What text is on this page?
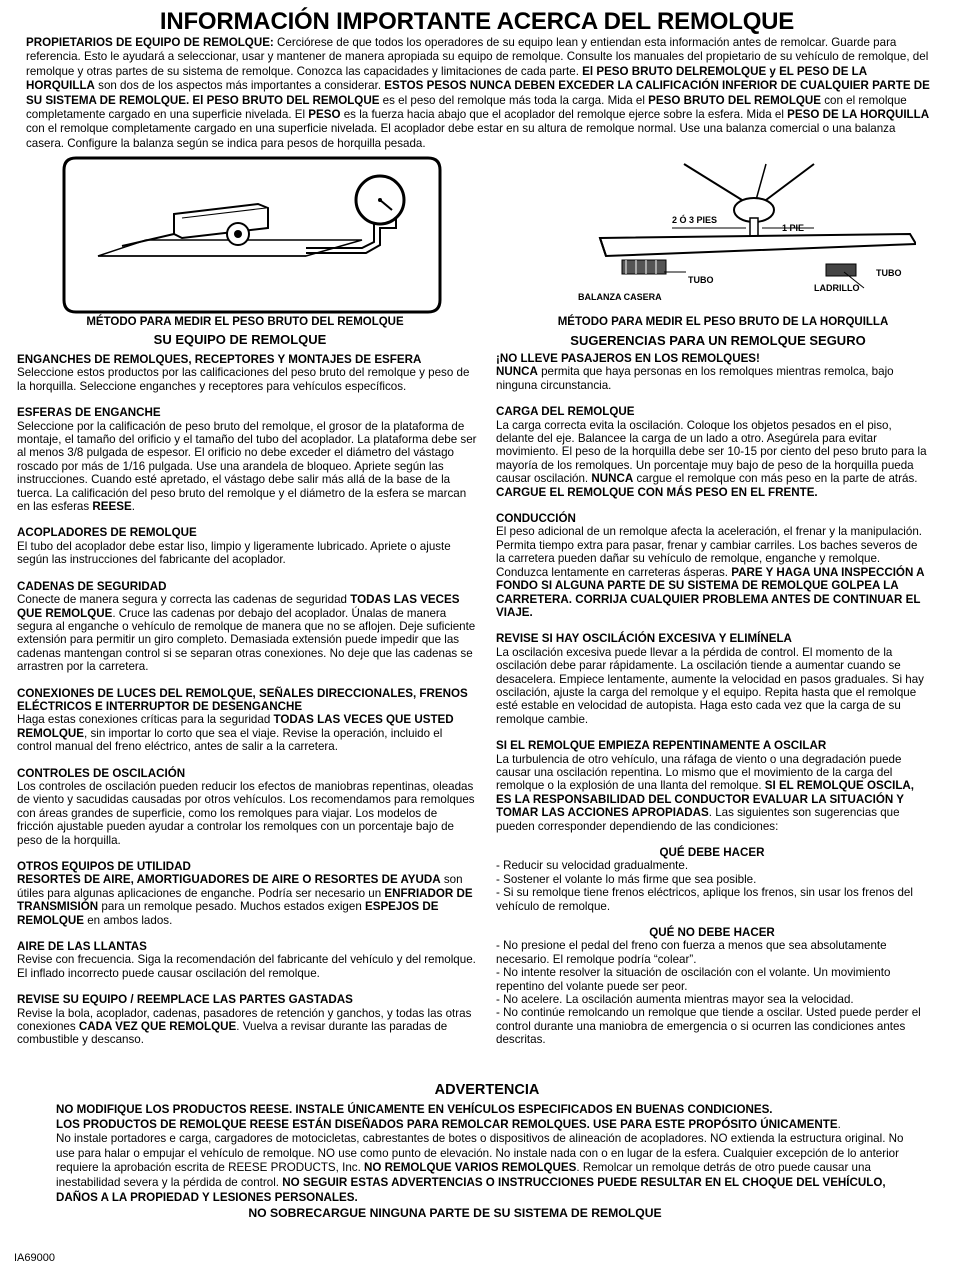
INFORMACIÓN IMPORTANTE ACERCA DEL REMOLQUE
PROPIETARIOS DE EQUIPO DE REMOLQUE: Cerciórese de que todos los operadores de su equipo lean y entiendan esta información antes de remolcar. Guarde para referencia. Esto le ayudará a seleccionar, usar y mantener de manera apropiada su equipo de remolque. Consulte los manuales del propietario de su vehículo de remolque, del remolque y otras partes de su sistema de remolque. Conozca las capacidades y limitaciones de cada parte. El PESO BRUTO DELREMOLQUE y EL PESO DE LA HORQUILLA son dos de los aspectos más importantes a considerar. ESTOS PESOS NUNCA DEBEN EXCEDER LA CALIFICACIÓN INFERIOR DE CUALQUIER PARTE DE SU SISTEMA DE REMOLQUE. El PESO BRUTO DEL REMOLQUE es el peso del remolque más toda la carga. Mida el PESO BRUTO DEL REMOLQUE con el remolque completamente cargado en una superficie nivelada. El PESO es la fuerza hacia abajo que el acoplador del remolque ejerce sobre la esfera. Mida el PESO DE LA HORQUILLA con el remolque completamente cargado en una superficie nivelada. El acoplador debe estar en su altura de remolque normal. Use una balanza comercial o una balanza casera. Configure la balanza según se indica para pesos de horquilla pesada.
2 Ó 3 PIES
1 PIE
TUBO
TUBO
LADRILLO
BALANZA CASERA
MÉTODO PARA MEDIR EL PESO BRUTO DEL REMOLQUE	MÉTODO PARA MEDIR EL PESO BRUTO DE LA HORQUILLA
SU EQUIPO DE REMOLQUE	SUGERENCIAS PARA UN REMOLQUE SEGURO
ENGANCHES DE REMOLQUES, RECEPTORES Y MONTAJES DE ESFERA

Seleccione estos productos por las calificaciones del peso bruto del remolque y peso de la horquilla. Seleccione enganches y receptores para vehículos específicos.

ESFERAS DE ENGANCHE

Seleccione por la calificación de peso bruto del remolque, el grosor de la plataforma de montaje, el tamaño del orificio y el tamaño del tubo del acoplador. La plataforma debe ser al menos 3/8 pulgada de espesor. El orificio no debe exceder el diámetro del vástago roscado por más de 1/16 pulgada. Use una arandela de bloqueo. Apriete según las instrucciones. Cuando esté apretado, el vástago debe salir más allá de la base de la tuerca. La calificación del peso bruto del remolque y el diámetro de la esfera se marcan en las esferas REESE.

ACOPLADORES DE REMOLQUE

El tubo del acoplador debe estar liso, limpio y ligeramente lubricado. Apriete o ajuste según las instrucciones del fabricante del acoplador.

CADENAS DE SEGURIDAD

Conecte de manera segura y correcta las cadenas de seguridad TODAS LAS VECES QUE REMOLQUE. Cruce las cadenas por debajo del acoplador. Únalas de manera segura al enganche o vehículo de remolque de manera que no se aflojen. Deje suficiente extensión para permitir un giro completo. Demasiada extensión puede impedir que las cadenas mantengan control si se separan otras conexiones. No deje que las cadenas se arrastren por la carretera.

CONEXIONES DE LUCES DEL REMOLQUE, SEÑALES DIRECCIONALES, FRENOS ELÉCTRICOS E INTERRUPTOR DE DESENGANCHE

Haga estas conexiones críticas para la seguridad TODAS LAS VECES QUE USTED REMOLQUE, sin importar lo corto que sea el viaje. Revise la operación, incluido el control manual del freno eléctrico, antes de salir a la carretera.

CONTROLES DE OSCILACIÓN

Los controles de oscilación pueden reducir los efectos de maniobras repentinas, oleadas de viento y sacudidas causadas por otros vehículos. Los recomendamos para remolques con áreas grandes de superficie, como los remolques para viajar. Los modelos de fricción ajustable pueden ayudar a controlar los remolques con un porcentaje bajo de peso de la horquilla.

OTROS EQUIPOS DE UTILIDAD

RESORTES DE AIRE, AMORTIGUADORES DE AIRE O RESORTES DE AYUDA son útiles para algunas aplicaciones de enganche. Podría ser necesario un ENFRIADOR DE TRANSMISIÓN para un remolque pesado. Muchos estados exigen ESPEJOS DE REMOLQUE en ambos lados.

AIRE DE LAS LLANTAS

Revise con frecuencia. Siga la recomendación del fabricante del vehículo y del remolque. El inflado incorrecto puede causar oscilación del remolque.

REVISE SU EQUIPO / REEMPLACE LAS PARTES GASTADAS

Revise la bola, acoplador, cadenas, pasadores de retención y ganchos, y todas las otras conexiones CADA VEZ QUE REMOLQUE. Vuelva a revisar durante las paradas de combustible y descanso.

¡NO LLEVE PASAJEROS EN LOS REMOLQUES!

NUNCA permita que haya personas en los remolques mientras remolca, bajo ninguna circunstancia.

CARGA DEL REMOLQUE

La carga correcta evita la oscilación. Coloque los objetos pesados en el piso, delante del eje. Balancee la carga de un lado a otro. Asegúrela para evitar movimiento. El peso de la horquilla debe ser 10-15 por ciento del peso bruto para la mayoría de los remolques. Un porcentaje muy bajo de peso de la horquilla pueda causar oscilación. NUNCA cargue el remolque con más peso en la parte de atrás. CARGUE EL REMOLQUE CON MÁS PESO EN EL FRENTE.

CONDUCCIÓN

El peso adicional de un remolque afecta la aceleración, el frenar y la manipulación. Permita tiempo extra para pasar, frenar y cambiar carriles. Los baches severos de la carretera pueden dañar su vehículo de remolque, enganche y remolque. Conduzca lentamente en carreteras ásperas. PARE Y HAGA UNA INSPECCIÓN A FONDO SI ALGUNA PARTE DE SU SISTEMA DE REMOLQUE GOLPEA LA CARRETERA. CORRIJA CUALQUIER PROBLEMA ANTES DE CONTINUAR EL VIAJE.

REVISE SI HAY OSCILÁCIÓN EXCESIVA Y ELIMÍNELA

La oscilación excesiva puede llevar a la pérdida de control. El momento de la oscilación debe parar rápidamente. La oscilación tiende a aumentar cuando se desacelera. Empiece lentamente, aumente la velocidad en pasos graduales. Si hay oscilación, ajuste la carga del remolque y el equipo. Repita hasta que el remolque esté estable en velocidad de autopista. Haga esto cada vez que la carga de su remolque cambie.

SI EL REMOLQUE EMPIEZA REPENTINAMENTE A OSCILAR

La turbulencia de otro vehículo, una ráfaga de viento o una degradación puede causar una oscilación repentina. Lo mismo que el movimiento de la carga del remolque o la explosión de una llanta del remolque. SI EL REMOLQUE OSCILA, ES LA RESPONSABILIDAD DEL CONDUCTOR EVALUAR LA SITUACIÓN Y TOMAR LAS ACCIONES APROPIADAS. Las siguientes son sugerencias que pueden corresponder dependiendo de las condiciones:

QUÉ DEBE HACER

- Reducir su velocidad gradualmente.

- Sostener el volante lo más firme que sea posible.

- Si su remolque tiene frenos eléctricos, aplique los frenos, sin usar los frenos del vehículo de remolque.

QUÉ NO DEBE HACER

- No presione el pedal del freno con fuerza a menos que sea absolutamente necesario. El remolque podría “colear”.

- No intente resolver la situación de oscilación con el volante. Un movimiento repentino del volante puede ser peor.

- No acelere. La oscilación aumenta mientras mayor sea la velocidad.

- No continúe remolcando un remolque que tiende a oscilar. Usted puede perder el control durante una maniobra de emergencia o si ocurren las condiciones antes descritas.

ADVERTENCIA
NO MODIFIQUE LOS PRODUCTOS REESE. INSTALE ÚNICAMENTE EN VEHÍCULOS ESPECIFICADOS EN BUENAS CONDICIONES.
LOS PRODUCTOS DE REMOLQUE REESE ESTÁN DISEÑADOS PARA REMOLCAR REMOLQUES. USE PARA ESTE PROPÓSITO ÚNICAMENTE.
No instale portadores e carga, cargadores de motocicletas, cabrestantes de botes o dispositivos de alineación de acopladores. NO extienda la estructura original. No use para halar o empujar el vehículo de remolque. NO use como punto de elevación. No instale nada con o en lugar de la esfera. Cualquier excepción de lo anterior requiere la aprobación escrita de REESE PRODUCTS, Inc. NO REMOLQUE VARIOS REMOLQUES. Remolcar un remolque detrás de otro puede causar una inestabilidad severa y la pérdida de control. NO SEGUIR ESTAS ADVERTENCIAS O INSTRUCCIONES PUEDE RESULTAR EN EL CHOQUE DEL VEHÍCULO, DAÑOS A LA PROPIEDAD Y LESIONES PERSONALES.
NO SOBRECARGUE NINGUNA PARTE DE SU SISTEMA DE REMOLQUE
IA69000
